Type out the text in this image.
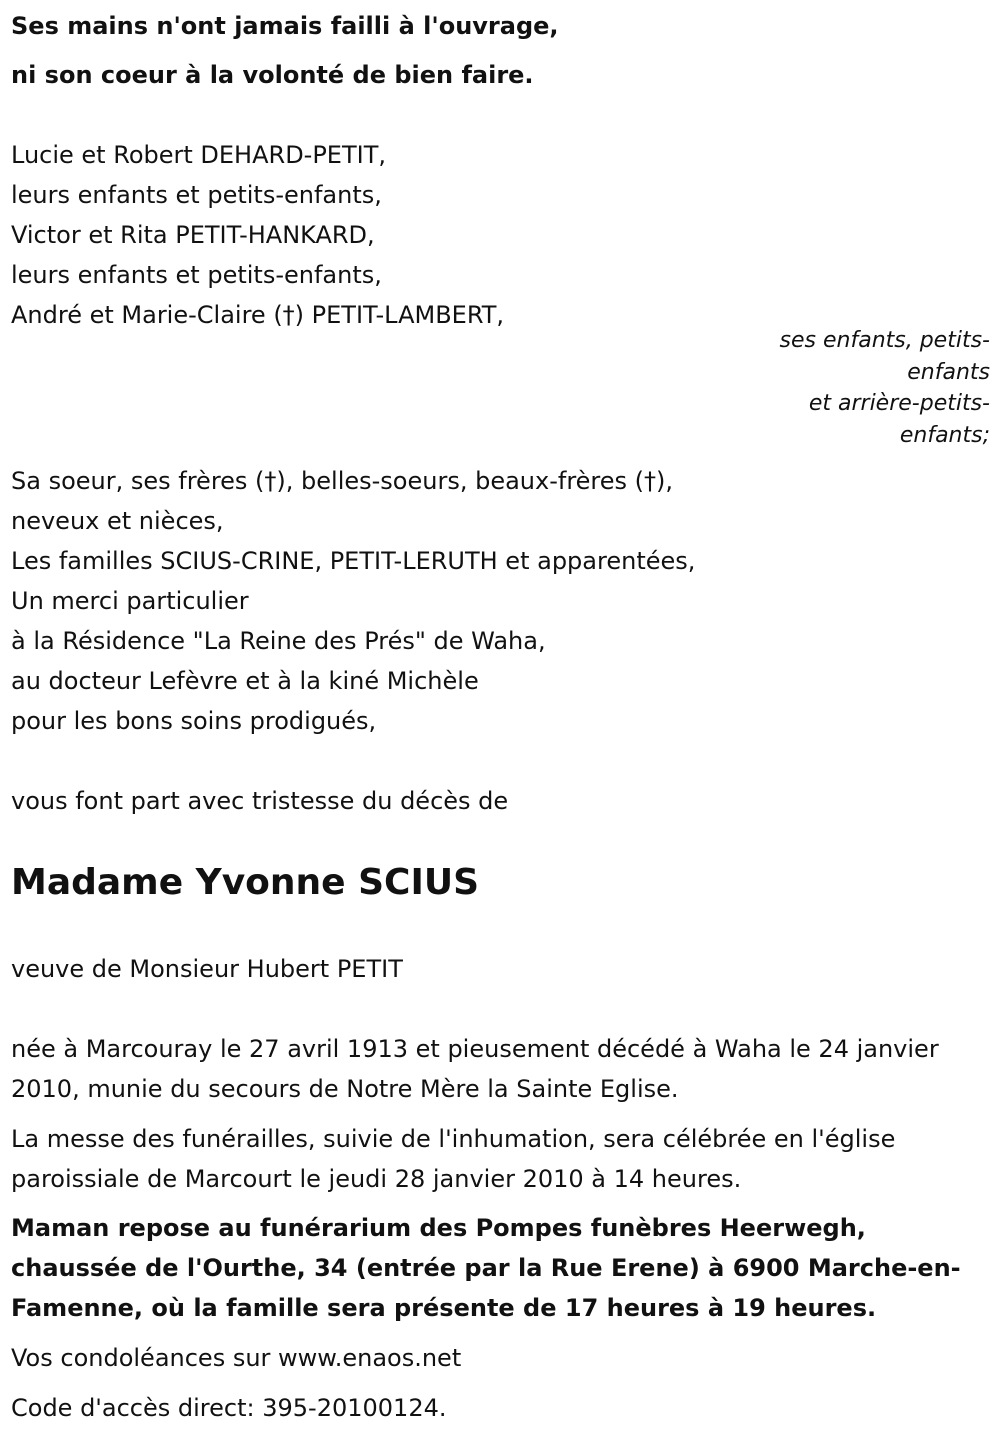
Ses mains n'ont jamais failli à l'ouvrage,

ni son coeur à la volonté de bien faire.

Lucie et Robert DEHARD-PETIT,

leurs enfants et petits-enfants,

Victor et Rita PETIT-HANKARD,

leurs enfants et petits-enfants,

André et Marie-Claire (†) PETIT-LAMBERT,

ses enfants, petits-enfants

et arrière-petits-enfants;

Sa soeur, ses frères (†), belles-soeurs, beaux-frères (†),

neveux et nièces,

Les familles SCIUS-CRINE, PETIT-LERUTH et apparentées,

Un merci particulier

à la Résidence "La Reine des Prés" de Waha,

au docteur Lefèvre et à la kiné Michèle

pour les bons soins prodigués,

vous font part avec tristesse du décès de

Madame Yvonne SCIUS

veuve de Monsieur Hubert PETIT

née à Marcouray le 27 avril 1913 et pieusement décédé à Waha le 24 janvier 2010, munie du secours de Notre Mère la Sainte Eglise.

La messe des funérailles, suivie de l'inhumation, sera célébrée en l'église paroissiale de Marcourt le jeudi 28 janvier 2010 à 14 heures.

Maman repose au funérarium des Pompes funèbres Heerwegh, chaussée de l'Ourthe, 34 (entrée par la Rue Erene) à 6900 Marche-en-Famenne, où la famille sera présente de 17 heures à 19 heures.

Vos condoléances sur www.enaos.net

Code d'accès direct: 395-20100124.
